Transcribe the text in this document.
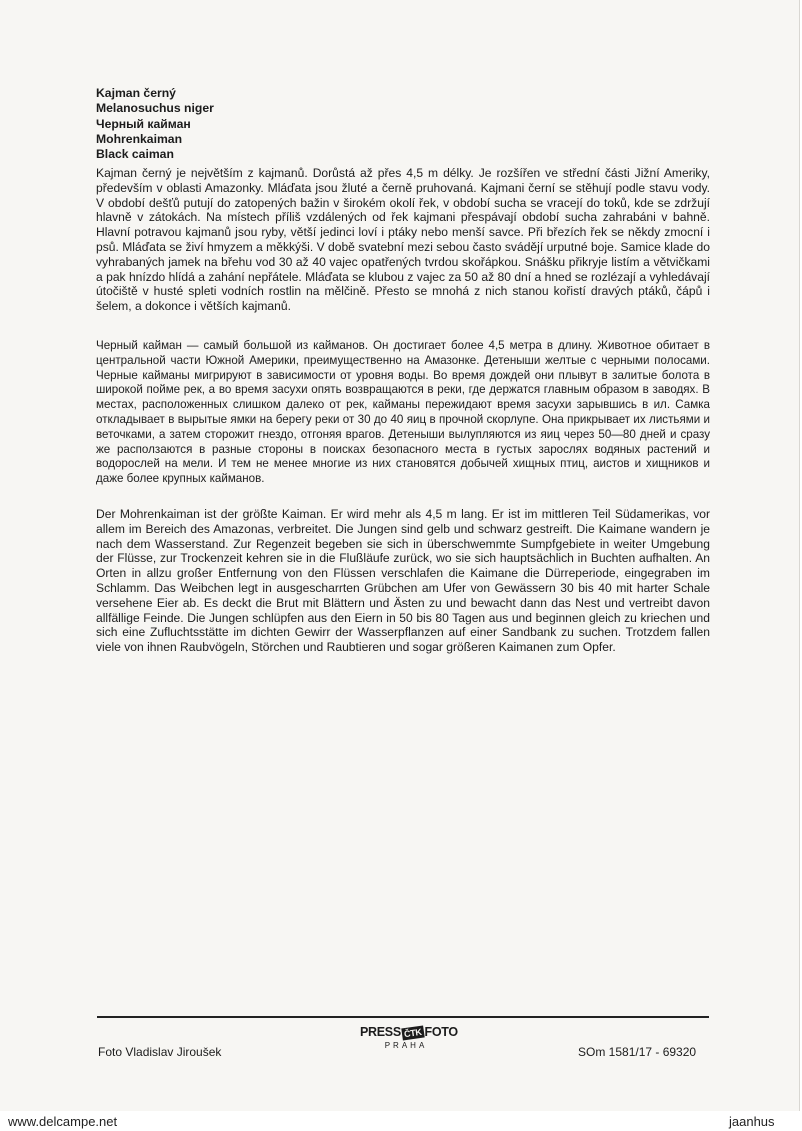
Kajman černý
Melanosuchus niger
Черный кайман
Mohrenkaiman
Black caiman

Kajman černý je největším z kajmanů. Dorůstá až přes 4,5 m délky. Je rozšířen ve střední části Jižní Ameriky, především v oblasti Amazonky. Mláďata jsou žluté a černě pruhovaná. Kajmani černí se stěhují podle stavu vody. V období dešťů putují do zatopených bažin v širokém okolí řek, v období sucha se vracejí do toků, kde se zdržují hlavně v zátokách. Na místech příliš vzdálených od řek kajmani přespávají období sucha zahrabáni v bahně. Hlavní potravou kajmanů jsou ryby, větší jedinci loví i ptáky nebo menší savce. Při březích řek se někdy zmocní i psů. Mláďata se živí hmyzem a měkkýši. V době svatební mezi sebou často svádějí urputné boje. Samice klade do vyhrabaných jamek na břehu vod 30 až 40 vajec opatřených tvrdou skořápkou. Snášku přikryje listím a větvičkami a pak hnízdo hlídá a zahání nepřátele. Mláďata se klubou z vajec za 50 až 80 dní a hned se rozlézají a vyhledávají útočiště v husté spleti vodních rostlin na mělčině. Přesto se mnohá z nich stanou kořistí dravých ptáků, čápů i šelem, a dokonce i větších kajmanů.

Черный кайман — самый большой из кайманов. Он достигает более 4,5 метра в длину. Животное обитает в центральной части Южной Америки, преимущественно на Амазонке. Детеныши желтые с черными полосами. Черные кайманы мигрируют в зависимости от уровня воды. Во время дождей они плывут в залитые болота в широкой пойме рек, а во время засухи опять возвращаются в реки, где держатся главным образом в заводях. В местах, расположенных слишком далеко от рек, кайманы пережидают время засухи зарывшись в ил. Самка откладывает в вырытые ямки на берегу реки от 30 до 40 яиц в прочной скорлупе. Она прикрывает их листьями и веточками, а затем сторожит гнездо, отгоняя врагов. Детеныши вылупляются из яиц через 50—80 дней и сразу же расползаются в разные стороны в поисках безопасного места в густых зарослях водяных растений и водорослей на мели. И тем не менее многие из них становятся добычей хищных птиц, аистов и хищников и даже более крупных кайманов.

Der Mohrenkaiman ist der größte Kaiman. Er wird mehr als 4,5 m lang. Er ist im mittleren Teil Südamerikas, vor allem im Bereich des Amazonas, verbreitet. Die Jungen sind gelb und schwarz gestreift. Die Kaimane wandern je nach dem Wasserstand. Zur Regenzeit begeben sie sich in überschwemmte Sumpfgebiete in weiter Umgebung der Flüsse, zur Trockenzeit kehren sie in die Flußläufe zurück, wo sie sich hauptsächlich in Buchten aufhalten. An Orten in allzu großer Entfernung von den Flüssen verschlafen die Kaimane die Dürreperiode, eingegraben im Schlamm. Das Weibchen legt in ausgescharrten Grübchen am Ufer von Gewässern 30 bis 40 mit harter Schale versehene Eier ab. Es deckt die Brut mit Blättern und Ästen zu und bewacht dann das Nest und vertreibt davon allfällige Feinde. Die Jungen schlüpfen aus den Eiern in 50 bis 80 Tagen aus und beginnen gleich zu kriechen und sich eine Zufluchtsstätte im dichten Gewirr der Wasserpflanzen auf einer Sandbank zu suchen. Trotzdem fallen viele von ihnen Raubvögeln, Störchen und Raubtieren und sogar größeren Kaimanen zum Opfer.

Foto Vladislav Jiroušek
PRESS ČTK FOTO
PRAHA	SOm 1581/17 - 69320
www.delcampe.net	jaanhus
